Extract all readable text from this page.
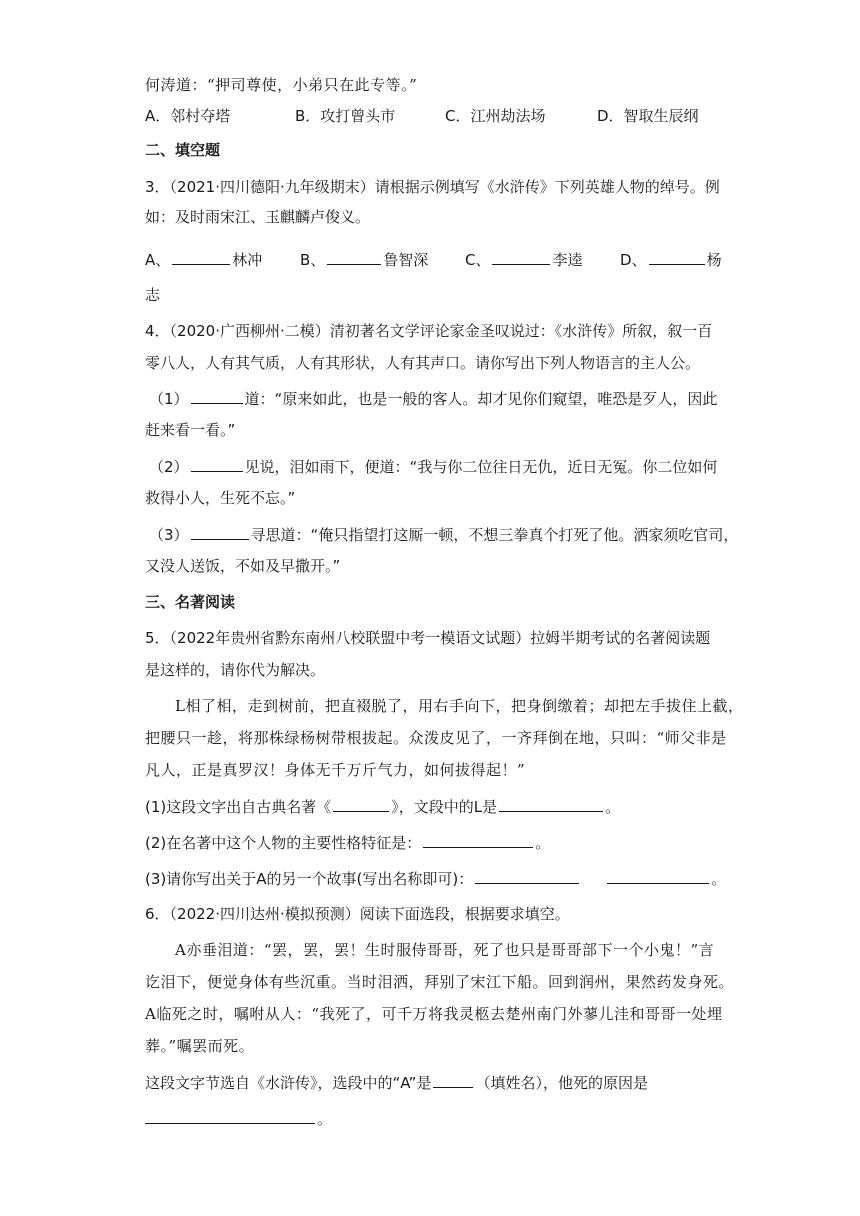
何涛道：“押司尊使，小弟只在此专等。”
A．邻村夺塔	B．攻打曾头市	C．江州劫法场	D．智取生辰纲
二、填空题
3．（2021·四川德阳·九年级期末）请根据示例填写《水浒传》下列英雄人物的绰号。例
如：及时雨宋江、玉麒麟卢俊义。
A、	林冲	B、	鲁智深 C、	李逵	D、	杨
志
4．（2020·广西柳州·二模）清初著名文学评论家金圣叹说过：《水浒传》所叙，叙一百
零八人，人有其气质，人有其形状，人有其声口。请你写出下列人物语言的主人公。
（1）	道：“原来如此，也是一般的客人。却才见你们窥望，唯恐是歹人，因此
赶来看一看。”
（2）	见说，泪如雨下，便道：“我与你二位往日无仇，近日无冤。你二位如何
救得小人，生死不忘。”
（3）	寻思道：“俺只指望打这厮一顿，不想三拳真个打死了他。洒家须吃官司，
又没人送饭，不如及早撒开。”
三、名著阅读
5．（2022年贵州省黔东南州八校联盟中考一模语文试题）拉姆半期考试的名著阅读题
是这样的，请你代为解决。
L相了相，走到树前，把直裰脱了，用右手向下，把身倒缴着；却把左手拔住上截，
把腰只一趁，将那株绿杨树带根拔起。众泼皮见了，一齐拜倒在地，只叫：“师父非是
凡人，正是真罗汉！身体无千万斤气力，如何拔得起！”
(1)这段文字出自古典名著《	》，文段中的L是	。
(2)在名著中这个人物的主要性格特征是：	。
(3)请你写出关于A的另一个故事(写出名称即可)：	。
6．（2022·四川达州·模拟预测）阅读下面选段，根据要求填空。
A亦垂泪道：“罢，罢，罢！生时服侍哥哥，死了也只是哥哥部下一个小鬼！”言
讫泪下，便觉身体有些沉重。当时泪洒，拜别了宋江下船。回到润州，果然药发身死。
A临死之时，嘱咐从人：“我死了，可千万将我灵柩去楚州南门外蓼儿洼和哥哥一处埋
葬。”嘱罢而死。
这段文字节选自《水浒传》，选段中的“A”是	（填姓名），他死的原因是
。
